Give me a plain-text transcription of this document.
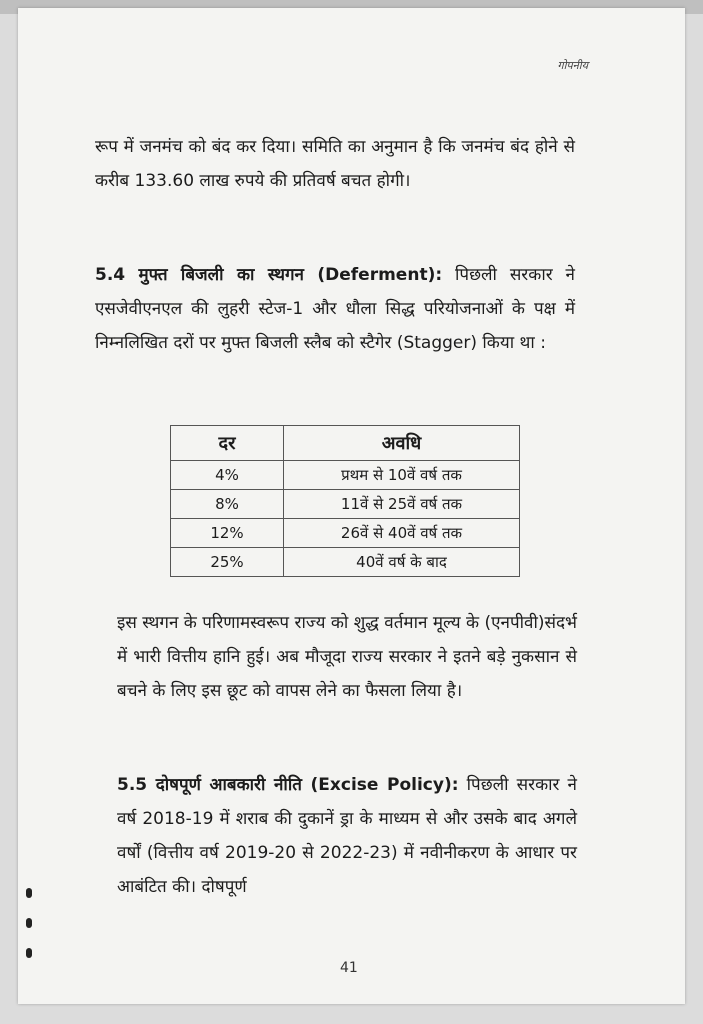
गोपनीय

रूप में जनमंच को बंद कर दिया। समिति का अनुमान है कि जनमंच बंद होने से करीब 133.60 लाख रुपये की प्रतिवर्ष बचत होगी।

5.4 मुफ्त बिजली का स्थगन (Deferment): पिछली सरकार ने एसजेवीएनएल की लुहरी स्टेज-1 और धौला सिद्ध परियोजनाओं के पक्ष में निम्नलिखित दरों पर मुफ्त बिजली स्लैब को स्टैगेर (Stagger) किया था :

दर	अवधि
4%	प्रथम से 10वें वर्ष तक
8%	11वें से 25वें वर्ष तक
12%	26वें से 40वें वर्ष तक
25%	40वें वर्ष के बाद

इस स्थगन के परिणामस्वरूप राज्य को शुद्ध वर्तमान मूल्य के (एनपीवी)संदर्भ में भारी वित्तीय हानि हुई। अब मौजूदा राज्य सरकार ने इतने बड़े नुकसान से बचने के लिए इस छूट को वापस लेने का फैसला लिया है।

5.5 दोषपूर्ण आबकारी नीति (Excise Policy): पिछली सरकार ने वर्ष 2018-19 में शराब की दुकानें ड्रा के माध्यम से और उसके बाद अगले वर्षों (वित्तीय वर्ष 2019-20 से 2022-23) में नवीनीकरण के आधार पर आबंटित की। दोषपूर्ण

41
